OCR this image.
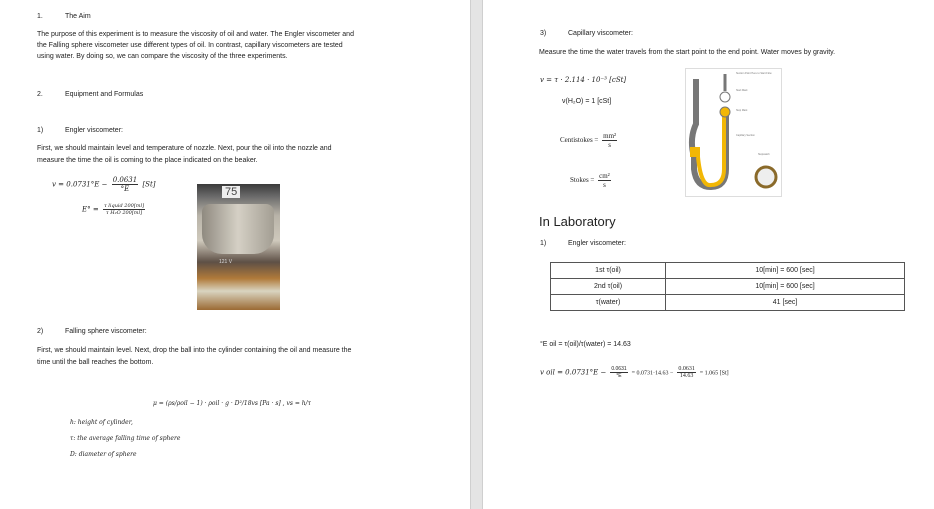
1.	The Aim
The purpose of this experiment is to measure the viscosity of oil and water. The Engler viscometer and
the Falling sphere viscometer use different types of oil. In contrast, capillary viscometers are tested
using water. By doing so, we can compare the viscosity of the three experiments.
2.	Equipment and Formulas
1)	Engler viscometer:
First, we should maintain level and temperature of nozzle. Next, pour the oil into the nozzle and
measure the time the oil is coming to the place indicated on the beaker.
$v = 0.0731^\circ E - \frac{0.0631}{^\circ E} [St]$
$E^\circ = \frac{\text{τ liquid 200[ml]}}{\text{τ H₂O 200[ml]}}$
75
121 V
2)	Falling sphere viscometer:
First, we should maintain level. Next, drop the ball into the cylinder containing the oil and measure the
time until the ball reaches the bottom.
μ = (ρs/ρoil − 1) · ρoil · g · D²/18vs [Pa · s] , vs = h/τ
h: height of cylinder,
τ: the average falling time of sphere
D: diameter of sphere
3)	Capillary viscometer:
Measure the time the water travels from the start point to the end point. Water moves by gravity.
v = τ · 2.114 · 10⁻³ [cSt]
ν(H₂O) = 1 [cSt]
Centistokes = $\frac{\text{mm²}}{s}$
Stokes = $\frac{\text{cm²}}{s}$
Suction Point Here to Start Flow
Start Mark
Stop Mark
Capillary Section
Stopwatch
In Laboratory
1)	Engler viscometer:
1st τ(oil)	10[min] = 600 [sec]
2nd τ(oil)	10[min] = 600 [sec]
τ(water)	41 [sec]
°E oil = τ(oil)/τ(water) = 14.63
v oil = $0.0731^\circ E - \frac{0.0631}{^\circ E} = 0.0731\cdot 14.63 - \frac{0.0631}{14.63} = 1.065$ [St]
